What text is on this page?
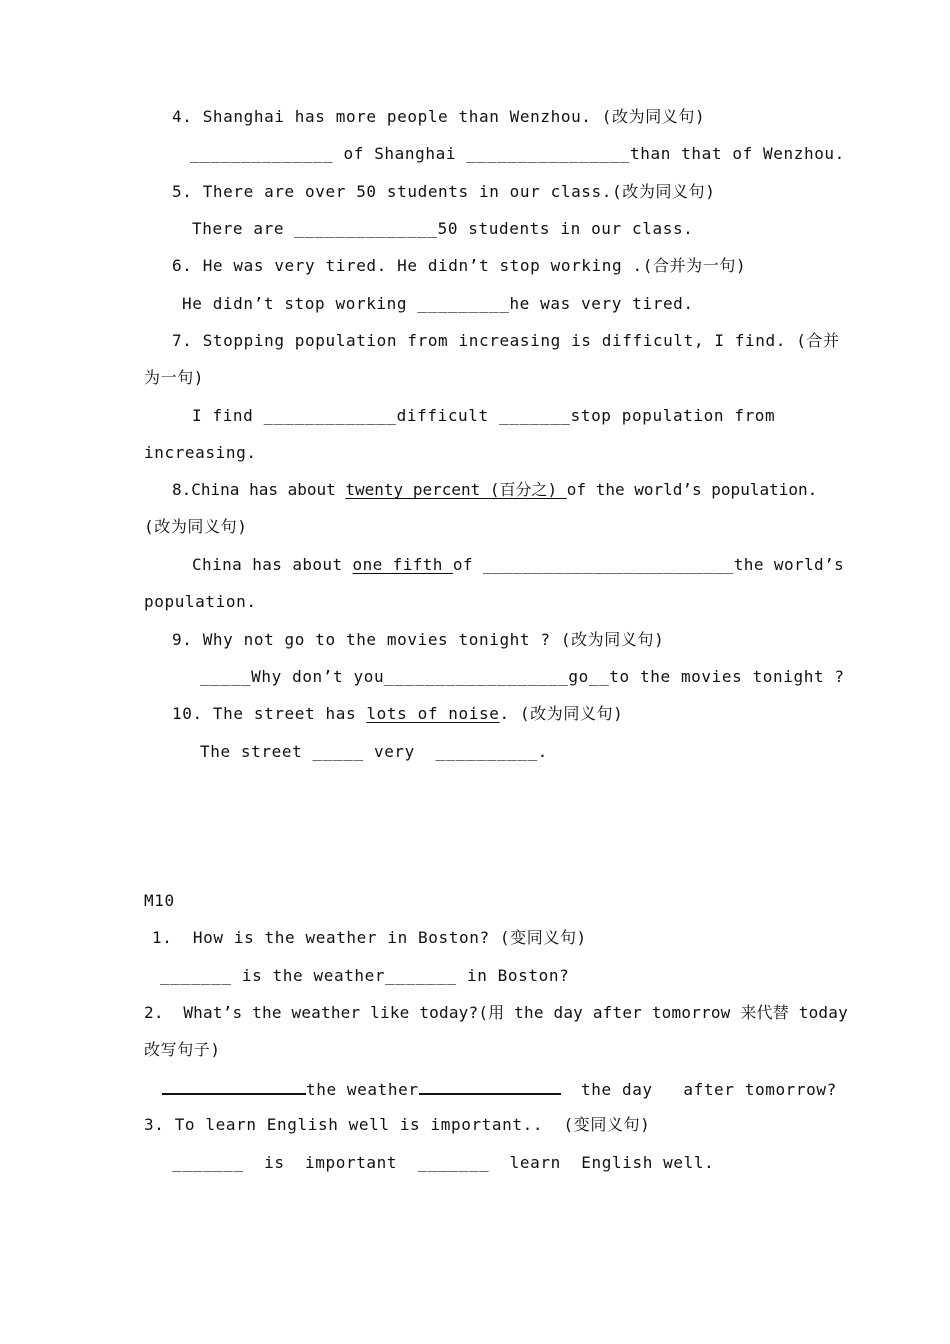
4. Shanghai has more people than Wenzhou. (改为同义句)
______________ of Shanghai ________________than that of Wenzhou.
5. There are over 50 students in our class.(改为同义句)
There are ______________50 students in our class.
6. He was very tired. He didn’t stop working .(合并为一句)
He didn’t stop working _________he was very tired.
7. Stopping population from increasing is difficult, I find. (合并
为一句)
I find _____________difficult _______stop population from
increasing.
8.China has about twenty percent (百分之) of the world’s population.
(改为同义句)
China has about one fifth of _________________________the world’s
population.
9. Why not go to the movies tonight ? (改为同义句)
_____Why don’t you__________________go__to the movies tonight ?
10. The street has lots of noise. (改为同义句)
The street _____ very  __________.
M10
1.  How is the weather in Boston? (变同义句)
_______ is the weather_______ in Boston?
2.  What’s the weather like today?(用 the day after tomorrow 来代替 today
改写句子)
the weather	the day   after tomorrow?
3. To learn English well is important..  (变同义句)
_______  is  important  _______  learn  English well.
